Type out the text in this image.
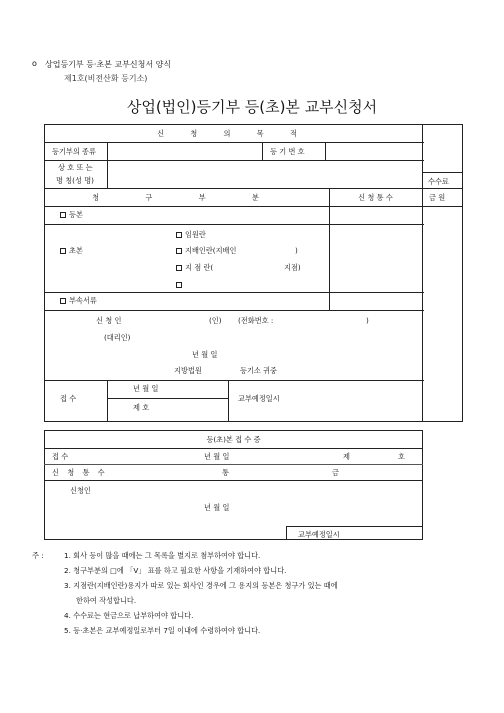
o 상업등기부 등·초본 교부신청서 양식
제1호(비전산화 등기소)
상업(법인)등기부 등(초)본 교부신청서
신 청 의 목 적
등기부의 종류	등 기 번 호
상 호 또 는
명 칭(성 명)	수수료
청 구 부 분	신 청 통 수	금 원
등본
초본
임원란
지배인란(지배인	)
지 점 란(	지점)
부속서류
신 청 인	(인) (전화번호 :	)
(대리인)
년 월 일
지방법원	등기소 귀중
접 수
년 월 일
제 호
교부예정일시
등(초)본 접 수 증
접 수	년 월 일	제	호
신 청 통 수	통	금
신청인
년 월 일
교부예정일시
주 :	1. 회사 등이 많을 때에는 그 목록을 별지로 첨부하여야 합니다.
2. 청구부분의 □에 「V」 표를 하고 필요한 사항을 기재하여야 합니다.
3. 지점란(지배인란)용지가 따로 있는 회사인 경우에 그 용지의 등본은 청구가 있는 때에
한하여 작성합니다.
4. 수수료는 현금으로 납부하여야 합니다.
5. 등·초본은 교부예정일로부터 7일 이내에 수령하여야 합니다.
